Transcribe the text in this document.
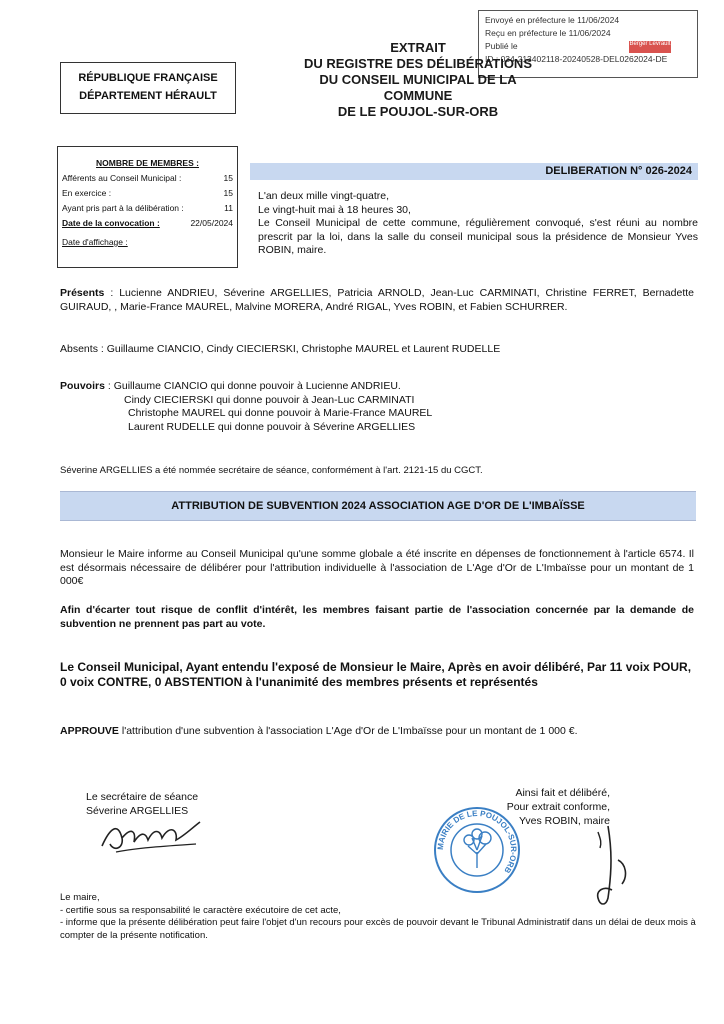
Envoyé en préfecture le 11/06/2024
Reçu en préfecture le 11/06/2024
Publié le
ID : 034-213402118-20240528-DEL0262024-DE
Berger Levrault
EXTRAIT
DU REGISTRE DES DÉLIBÉRATIONS
DU CONSEIL MUNICIPAL DE LA
COMMUNE
DE LE POUJOL-SUR-ORB
RÉPUBLIQUE FRANÇAISE
DÉPARTEMENT HÉRAULT
NOMBRE DE MEMBRES :
Afférents au Conseil Municipal :	15
En exercice :	15
Ayant pris part à la délibération :	11
Date de la convocation :	22/05/2024
Date d'affichage :
DELIBERATION N° 026-2024
L'an deux mille vingt-quatre,
Le vingt-huit mai à 18 heures 30,
Le Conseil Municipal de cette commune, régulièrement convoqué, s'est réuni au nombre prescrit par la loi, dans la salle du conseil municipal sous la présidence de Monsieur Yves ROBIN, maire.
Présents : Lucienne ANDRIEU, Séverine ARGELLIES, Patricia ARNOLD, Jean-Luc CARMINATI, Christine FERRET, Bernadette GUIRAUD, , Marie-France MAUREL, Malvine MORERA, André RIGAL, Yves ROBIN, et Fabien SCHURRER.
Absents : Guillaume CIANCIO, Cindy CIECIERSKI, Christophe MAUREL et Laurent RUDELLE
Pouvoirs : Guillaume CIANCIO qui donne pouvoir à Lucienne ANDRIEU.
Cindy CIECIERSKI qui donne pouvoir à Jean-Luc CARMINATI
Christophe MAUREL qui donne pouvoir à Marie-France MAUREL
Laurent RUDELLE qui donne pouvoir à Séverine ARGELLIES
Séverine ARGELLIES a été nommée secrétaire de séance, conformément à l'art. 2121-15 du CGCT.
ATTRIBUTION DE SUBVENTION 2024 ASSOCIATION AGE D'OR DE L'IMBAÏSSE
Monsieur le Maire informe au Conseil Municipal qu'une somme globale a été inscrite en dépenses de fonctionnement à l'article 6574. Il est désormais nécessaire de délibérer pour l'attribution individuelle à l'association de L'Age d'Or de L'Imbaïsse pour un montant de 1 000€
Afin d'écarter tout risque de conflit d'intérêt, les membres faisant partie de l'association concernée par la demande de subvention ne prennent pas part au vote.
Le Conseil Municipal, Ayant entendu l'exposé de Monsieur le Maire, Après en avoir délibéré, Par 11 voix POUR, 0 voix CONTRE, 0 ABSTENTION à l'unanimité des membres présents et représentés
APPROUVE l'attribution d'une subvention à l'association L'Age d'Or de L'Imbaïsse pour un montant de 1 000 €.
Le secrétaire de séance
Séverine ARGELLIES
Ainsi fait et délibéré,
Pour extrait conforme,
Yves ROBIN, maire
MAIRIE DE LE POUJOL-SUR-ORB
Le maire,
- certifie sous sa responsabilité le caractère exécutoire de cet acte,
- informe que la présente délibération peut faire l'objet d'un recours pour excès de pouvoir devant le Tribunal Administratif dans un délai de deux mois à compter de la présente notification.
